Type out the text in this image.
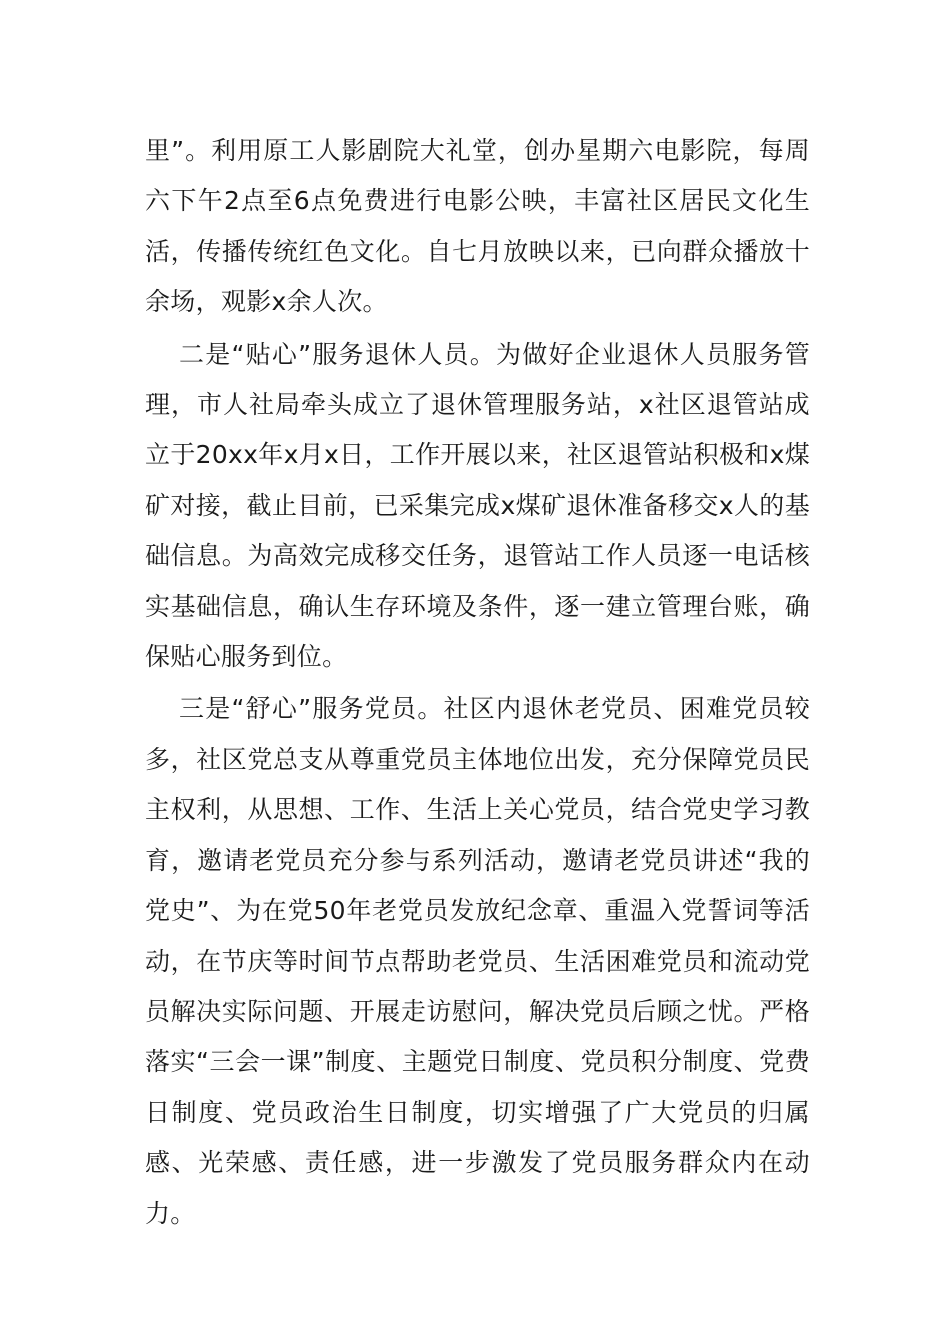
里”。利用原工人影剧院大礼堂，创办星期六电影院，每周六下午2点至6点免费进行电影公映，丰富社区居民文化生活，传播传统红色文化。自七月放映以来，已向群众播放十余场，观影x余人次。

二是“贴心”服务退休人员。为做好企业退休人员服务管理，市人社局牵头成立了退休管理服务站，x社区退管站成立于20xx年x月x日，工作开展以来，社区退管站积极和x煤矿对接，截止目前，已采集完成x煤矿退休准备移交x人的基础信息。为高效完成移交任务，退管站工作人员逐一电话核实基础信息，确认生存环境及条件，逐一建立管理台账，确保贴心服务到位。

三是“舒心”服务党员。社区内退休老党员、困难党员较多，社区党总支从尊重党员主体地位出发，充分保障党员民主权利，从思想、工作、生活上关心党员，结合党史学习教育，邀请老党员充分参与系列活动，邀请老党员讲述“我的党史”、为在党50年老党员发放纪念章、重温入党誓词等活动，在节庆等时间节点帮助老党员、生活困难党员和流动党员解决实际问题、开展走访慰问，解决党员后顾之忧。严格落实“三会一课”制度、主题党日制度、党员积分制度、党费日制度、党员政治生日制度，切实增强了广大党员的归属感、光荣感、责任感，进一步激发了党员服务群众内在动力。
